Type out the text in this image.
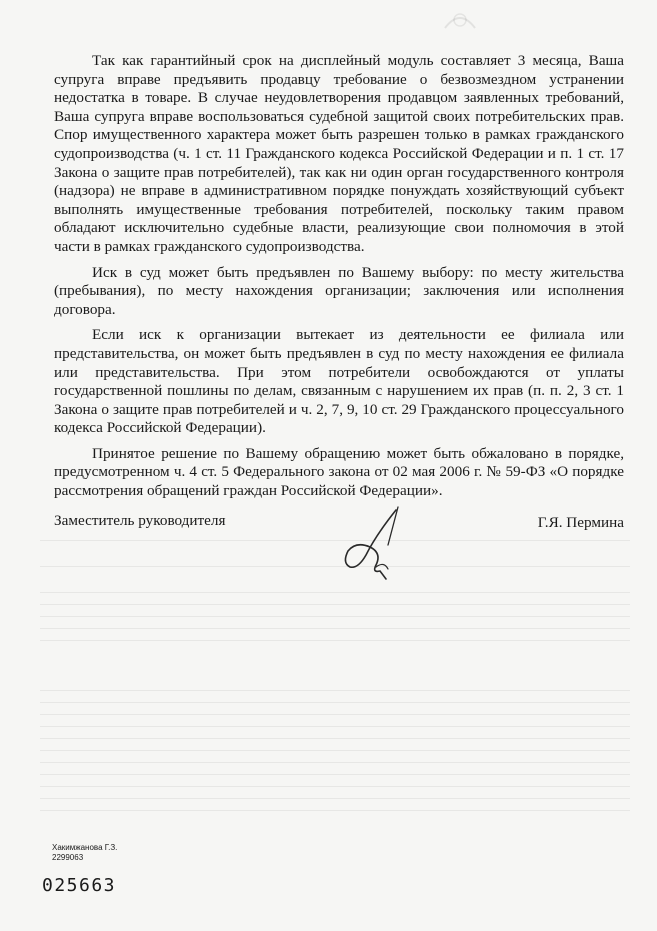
Так как гарантийный срок на дисплейный модуль составляет 3 месяца, Ваша супруга вправе предъявить продавцу требование о безвозмездном устранении недостатка в товаре. В случае неудовлетворения продавцом заявленных требований, Ваша супруга вправе воспользоваться судебной защитой своих потребительских прав. Спор имущественного характера может быть разрешен только в рамках гражданского судопроизводства (ч. 1 ст. 11 Гражданского кодекса Российской Федерации и п. 1 ст. 17 Закона о защите прав потребителей), так как ни один орган государственного контроля (надзора) не вправе в административном порядке понуждать хозяйствующий субъект выполнять имущественные требования потребителей, поскольку таким правом обладают исключительно судебные власти, реализующие свои полномочия в этой части в рамках гражданского судопроизводства.

Иск в суд может быть предъявлен по Вашему выбору: по месту жительства (пребывания), по месту нахождения организации; заключения или исполнения договора.

Если иск к организации вытекает из деятельности ее филиала или представительства, он может быть предъявлен в суд по месту нахождения ее филиала или представительства. При этом потребители освобождаются от уплаты государственной пошлины по делам, связанным с нарушением их прав (п. п. 2, 3 ст. 1 Закона о защите прав потребителей и ч. 2, 7, 9, 10 ст. 29 Гражданского процессуального кодекса Российской Федерации).

Принятое решение по Вашему обращению может быть обжаловано в порядке, предусмотренном ч. 4 ст. 5 Федерального закона от 02 мая 2006 г. № 59-ФЗ «О порядке рассмотрения обращений граждан Российской Федерации».

Заместитель руководителя	Г.Я. Пермина
Хакимжанова Г.З.
2299063
025663
